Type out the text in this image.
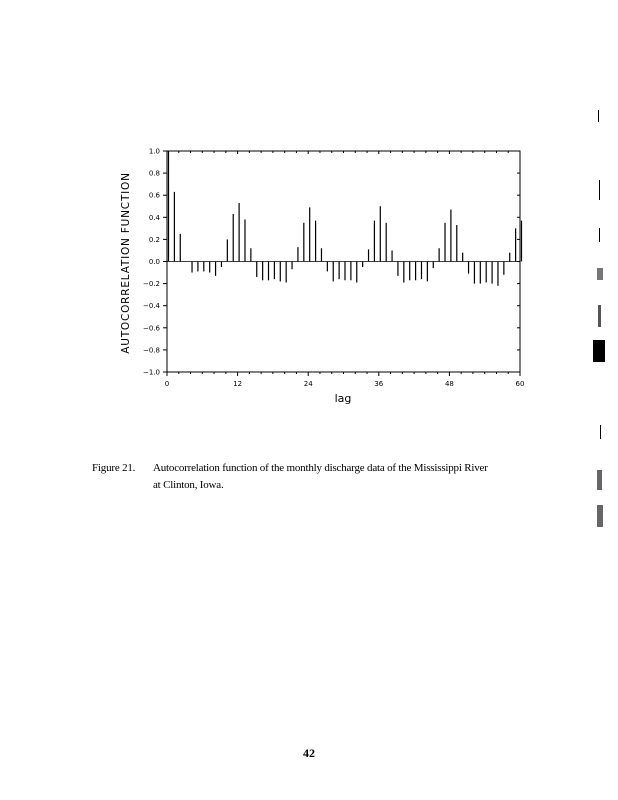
−1.0
−0.8
−0.6
−0.4
−0.2
0.0
0.2
0.4
0.6
0.8
1.0
0	12	24	36	48	60
lag
AUTOCORRELATION FUNCTION
Figure 21. Autocorrelation function of the monthly discharge data of the Mississippi River
at Clinton, Iowa.
42
